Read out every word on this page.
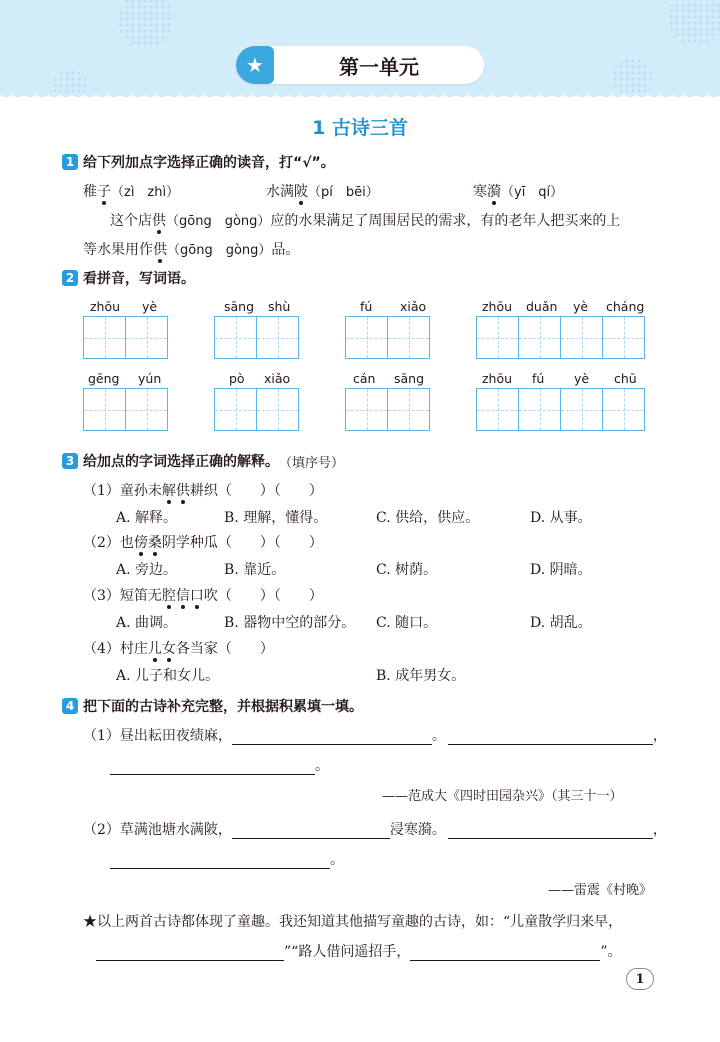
★	第一单元
1 古诗三首
1 给下列加点字选择正确的读音，打“√”。
稚子（zì　zhì）	水满陂（pí　bēi）	寒漪（yī　qí）
这个店供（gōng　gòng）应的水果满足了周围居民的需求，有的老年人把买来的上
等水果用作供（gōng　gòng）品。
2 看拼音，写词语。
zhōu yè	sāng shù	fú xiǎo	zhōu duǎn yè cháng
gēng yún	pò xiǎo	cán sāng	zhōu fú yè chū
3 给加点的字词选择正确的解释。 （填序号）
（1）童孙未解供耕织（　　）（　　）
A. 解释。	B. 理解，懂得。	C. 供给，供应。	D. 从事。
（2）也傍桑阴学种瓜（　　）（　　）
A. 旁边。	B. 靠近。	C. 树荫。	D. 阴暗。
（3）短笛无腔信口吹（　　）（　　）
A. 曲调。	B. 器物中空的部分。 C. 随口。	D. 胡乱。
（4）村庄儿女各当家（　　）
A. 儿子和女儿。	B. 成年男女。
4 把下面的古诗补充完整，并根据积累填一填。
（1）昼出耘田夜绩麻，	。	，
。
——范成大《四时田园杂兴》（其三十一）
（2）草满池塘水满陂，	浸寒漪。	，
。
——雷震《村晚》
★以上两首古诗都体现了童趣。我还知道其他描写童趣的古诗，如：“儿童散学归来早，
”“路人借问遥招手，	”。
1
